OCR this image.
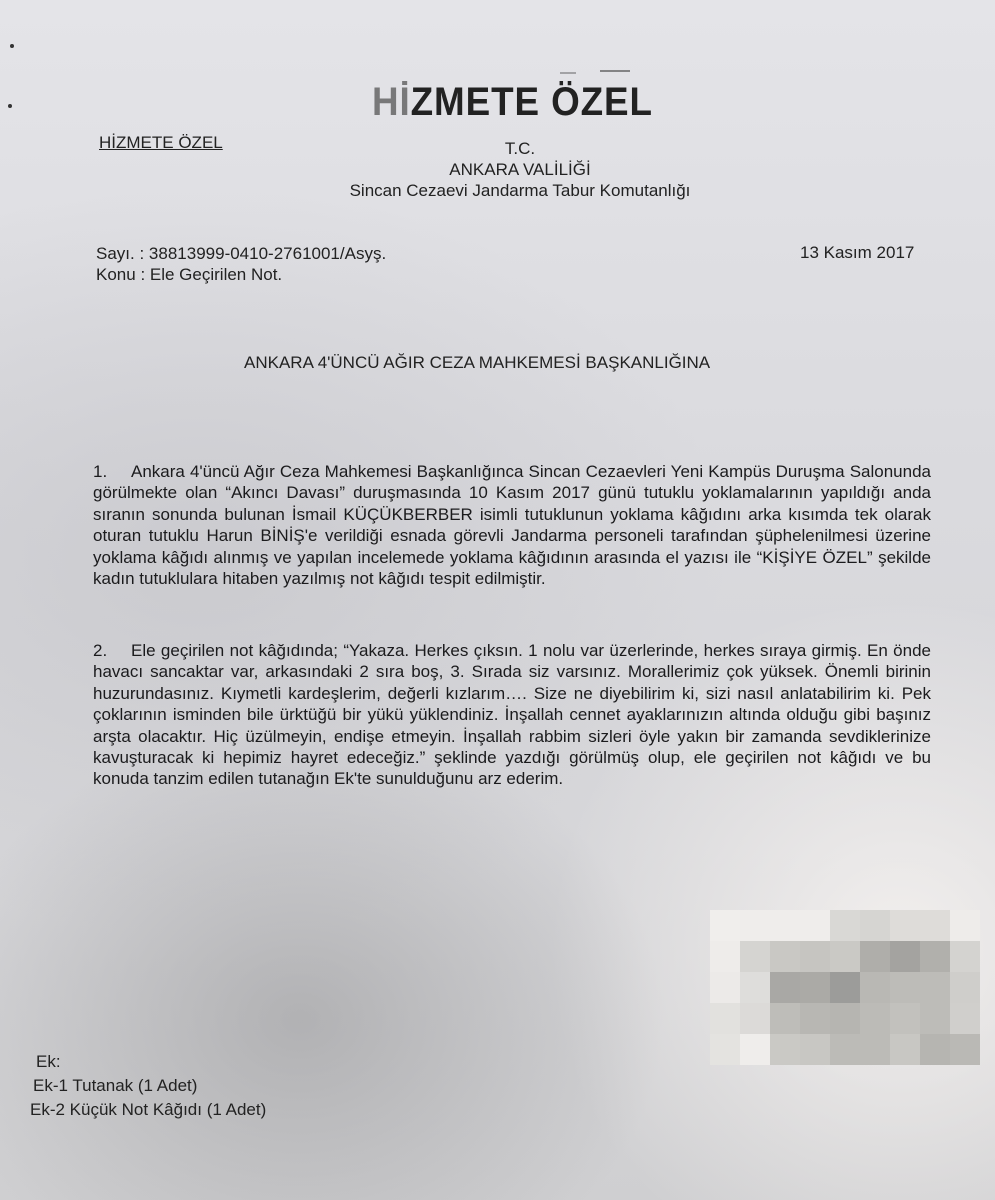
HİZMETE ÖZEL
HİZMETE ÖZEL	T.C.
ANKARA VALİLİĞİ
Sincan Cezaevi Jandarma Tabur Komutanlığı
Sayı. : 38813999-0410-2761001/Asyş.
Konu : Ele Geçirilen Not.
13 Kasım 2017
ANKARA 4'ÜNCÜ AĞIR CEZA MAHKEMESİ BAŞKANLIĞINA
1. Ankara 4'üncü Ağır Ceza Mahkemesi Başkanlığınca Sincan Cezaevleri Yeni Kampüs Duruşma Salonunda görülmekte olan “Akıncı Davası” duruşmasında 10 Kasım 2017 günü tutuklu yoklamalarının yapıldığı anda sıranın sonunda bulunan İsmail KÜÇÜKBERBER isimli tutuklunun yoklama kâğıdını arka kısımda tek olarak oturan tutuklu Harun BİNİŞ'e verildiği esnada görevli Jandarma personeli tarafından şüphelenilmesi üzerine yoklama kâğıdı alınmış ve yapılan incelemede yoklama kâğıdının arasında el yazısı ile “KİŞİYE ÖZEL” şekilde kadın tutuklulara hitaben yazılmış not kâğıdı tespit edilmiştir.
2. Ele geçirilen not kâğıdında; “Yakaza. Herkes çıksın. 1 nolu var üzerlerinde, herkes sıraya girmiş. En önde havacı sancaktar var, arkasındaki 2 sıra boş, 3. Sırada siz varsınız. Morallerimiz çok yüksek. Önemli birinin huzurundasınız. Kıymetli kardeşlerim, değerli kızlarım…. Size ne diyebilirim ki, sizi nasıl anlatabilirim ki. Pek çoklarının isminden bile ürktüğü bir yükü yüklendiniz. İnşallah cennet ayaklarınızın altında olduğu gibi başınız arşta olacaktır. Hiç üzülmeyin, endişe etmeyin. İnşallah rabbim sizleri öyle yakın bir zamanda sevdiklerinize kavuşturacak ki hepimiz hayret edeceğiz.” şeklinde yazdığı görülmüş olup, ele geçirilen not kâğıdı ve bu konuda tanzim edilen tutanağın Ek'te sunulduğunu arz ederim.
Ek:
Ek-1 Tutanak (1 Adet)
Ek-2 Küçük Not Kâğıdı (1 Adet)
